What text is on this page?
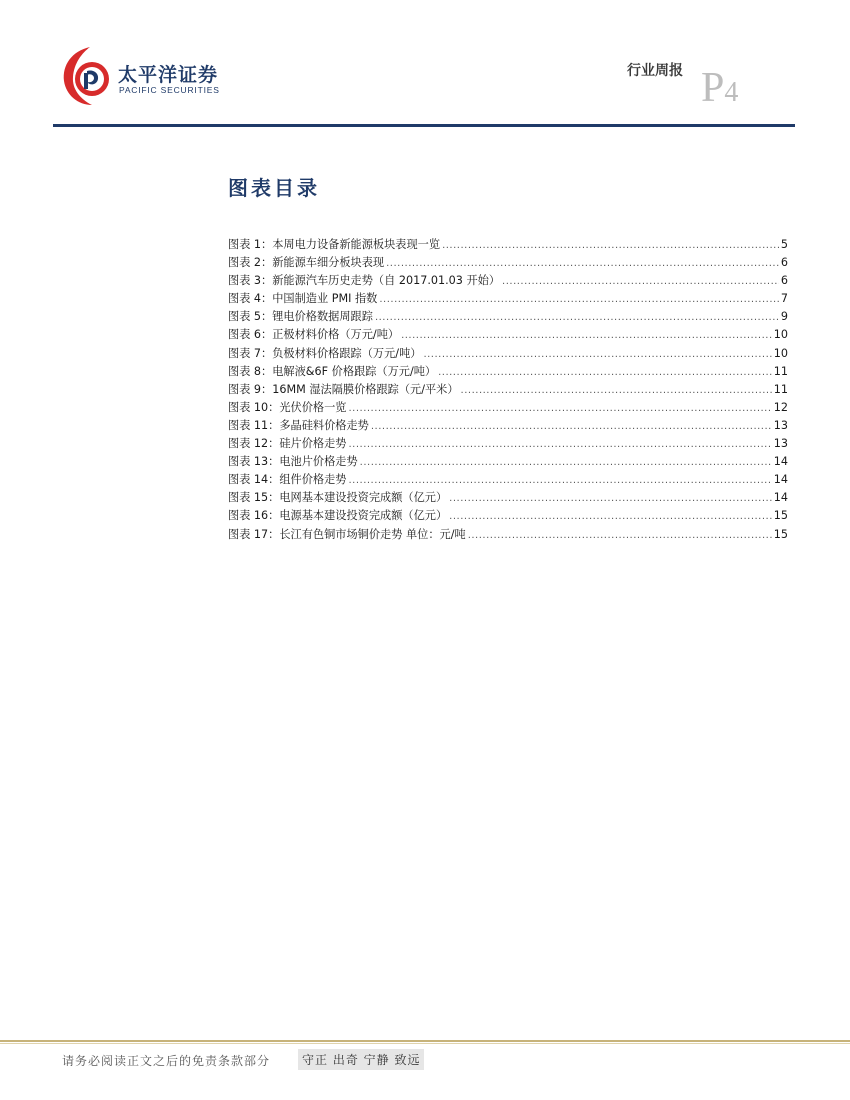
太平洋证券
PACIFIC SECURITIES
行业周报 P4
图表目录
图表 1：本周电力设备新能源板块表现一览 .....	5
图表 2：新能源车细分板块表现 .....	6
图表 3：新能源汽车历史走势（自 2017.01.03 开始） .....	6
图表 4：中国制造业 PMI 指数 .....	7
图表 5：锂电价格数据周跟踪 .....	9
图表 6：正极材料价格（万元/吨） .....	10
图表 7：负极材料价格跟踪（万元/吨） .....	10
图表 8：电解液&6F 价格跟踪（万元/吨） .....	11
图表 9：16MM 湿法隔膜价格跟踪（元/平米） .....	11
图表 10：光伏价格一览 .....	12
图表 11：多晶硅料价格走势 .....	13
图表 12：硅片价格走势 .....	13
图表 13：电池片价格走势 .....	14
图表 14：组件价格走势 .....	14
图表 15：电网基本建设投资完成额（亿元） .....	14
图表 16：电源基本建设投资完成额（亿元） .....	15
图表 17：长江有色铜市场铜价走势 单位：元/吨 .....	15
请务必阅读正文之后的免责条款部分	守正 出奇 宁静 致远
